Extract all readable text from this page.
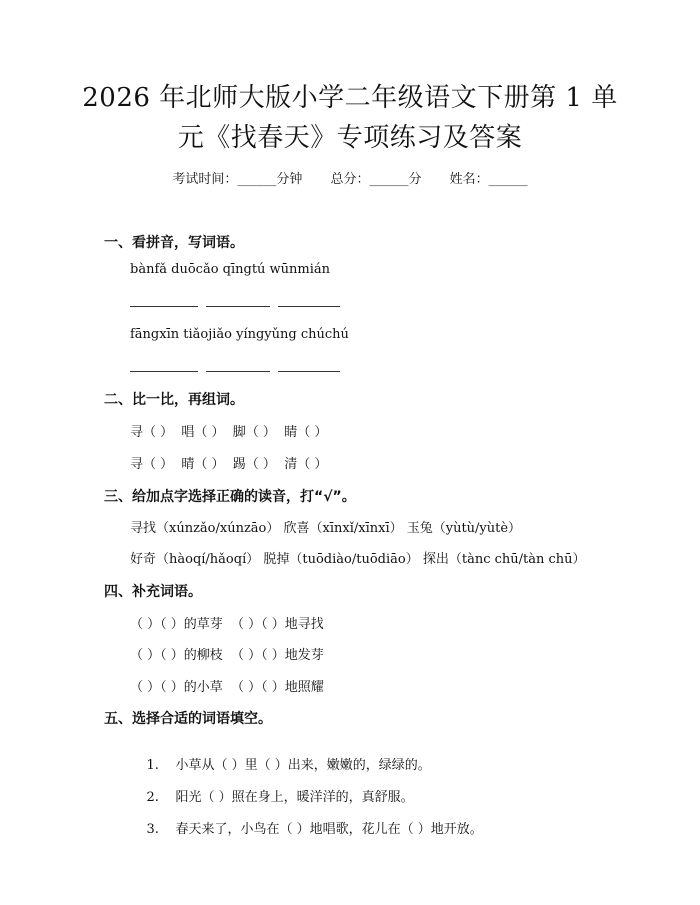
2026 年北师大版小学二年级语文下册第 1 单
元《找春天》专项练习及答案
考试时间：______分钟 总分：______分 姓名：______
一、看拼音，写词语。
bànfǎ duōcǎo qīngtú wūnmián
fāngxīn tiǎojiǎo yíngyǔng chúchú
二、比一比，再组词。
寻（ ）  唱（ ）  脚（ ）  睛（ ）
寻（ ）  晴（ ）  踢（ ）  清（ ）
三、给加点字选择正确的读音，打“√”。
寻找（xúnzǎo/xúnzāo） 欣喜（xīnxǐ/xīnxī） 玉兔（yùtù/yùtè）
好奇（hàoqí/hǎoqí） 脱掉（tuōdiào/tuōdiāo） 探出（tànc chū/tàn chū）
四、补充词语。
（ ）（ ）的草芽  （ ）（ ）地寻找
（ ）（ ）的柳枝  （ ）（ ）地发芽
（ ）（ ）的小草  （ ）（ ）地照耀
五、选择合适的词语填空。

1. 小草从（ ）里（ ）出来，嫩嫩的，绿绿的。

2. 阳光（ ）照在身上，暖洋洋的，真舒服。

3. 春天来了，小鸟在（ ）地唱歌，花儿在（ ）地开放。
